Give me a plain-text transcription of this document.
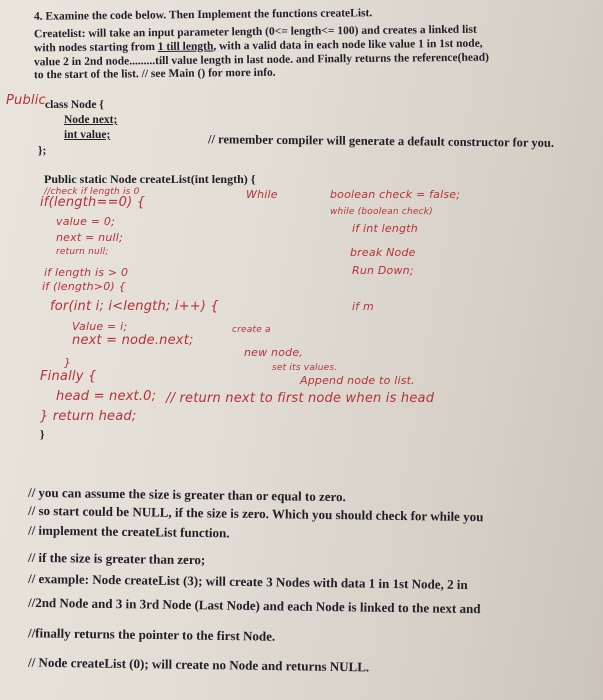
4. Examine the code below. Then Implement the functions createList.
Createlist: will take an input parameter length (0<= length<= 100) and creates a linked list
with nodes starting from 1 till length, with a valid data in each node like value 1 in 1st node,
value 2 in 2nd node.........till value length in last node. and Finally returns the reference(head)
to the start of the list. // see Main () for more info.
Public class Node {
Node next;
int value;	// remember compiler will generate a default constructor for you.
};
Public static Node createList(int length) {
//check if length is 0
if(length==0) {
value = 0;
next = null;
return null;
if length is > 0
if (length>0) {
for(int i; i<length; i++) {
Value = i;
next = node.next;
}
Finally {
head = next.0;
} return head;
}
While	boolean check = false;
while (boolean check)
if int length
break Node
Run Down;
if m
create a
new node,
set its values.
Append node to list.
// return next to first node when is head
// you can assume the size is greater than or equal to zero.
// so start could be NULL, if the size is zero. Which you should check for while you
// implement the createList function.
// if the size is greater than zero;
// example: Node createList (3); will create 3 Nodes with data 1 in 1st Node, 2 in
//2nd Node and 3 in 3rd Node (Last Node) and each Node is linked to the next and
//finally returns the pointer to the first Node.
// Node createList (0); will create no Node and returns NULL.
